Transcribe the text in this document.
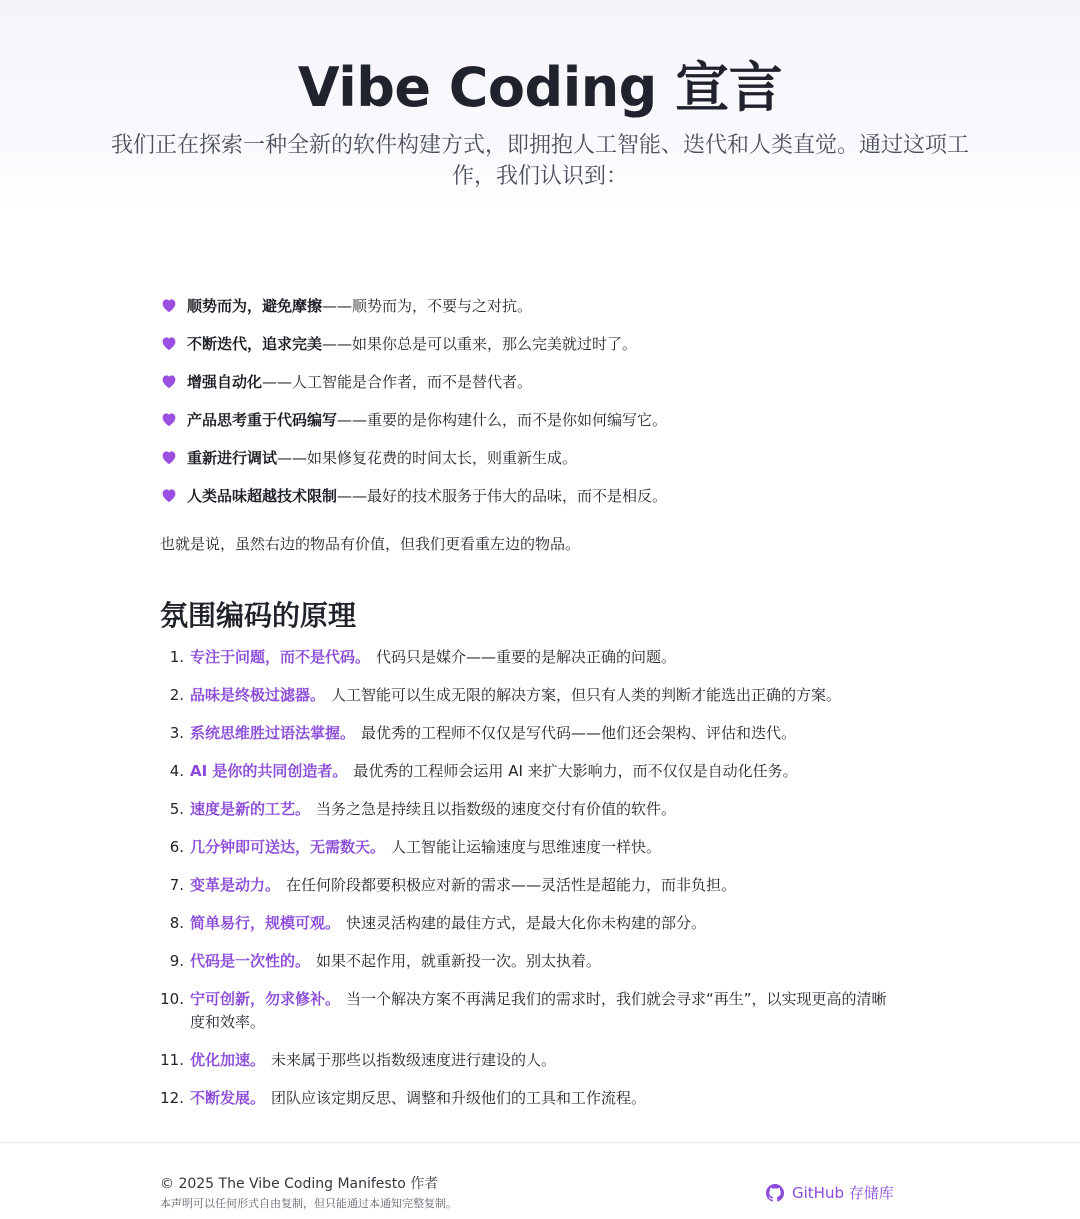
Vibe Coding 宣言

我们正在探索一种全新的软件构建方式，即拥抱人工智能、迭代和人类直觉。通过这项工作，我们认识到：

顺势而为，避免摩擦——顺势而为，不要与之对抗。
不断迭代，追求完美——如果你总是可以重来，那么完美就过时了。
增强自动化——人工智能是合作者，而不是替代者。
产品思考重于代码编写——重要的是你构建什么，而不是你如何编写它。
重新进行调试——如果修复花费的时间太长，则重新生成。
人类品味超越技术限制——最好的技术服务于伟大的品味，而不是相反。

也就是说，虽然右边的物品有价值，但我们更看重左边的物品。

氛围编码的原理
1. 专注于问题，而不是代码。 代码只是媒介——重要的是解决正确的问题。
2. 品味是终极过滤器。 人工智能可以生成无限的解决方案，但只有人类的判断才能选出正确的方案。
3. 系统思维胜过语法掌握。 最优秀的工程师不仅仅是写代码——他们还会架构、评估和迭代。
4. AI 是你的共同创造者。 最优秀的工程师会运用 AI 来扩大影响力，而不仅仅是自动化任务。
5. 速度是新的工艺。 当务之急是持续且以指数级的速度交付有价值的软件。
6. 几分钟即可送达，无需数天。 人工智能让运输速度与思维速度一样快。
7. 变革是动力。 在任何阶段都要积极应对新的需求——灵活性是超能力，而非负担。
8. 简单易行，规模可观。 快速灵活构建的最佳方式，是最大化你未构建的部分。
9. 代码是一次性的。 如果不起作用，就重新投一次。别太执着。
10. 宁可创新，勿求修补。 当一个解决方案不再满足我们的需求时，我们就会寻求“再生”，以实现更高的清晰度和效率。
11. 优化加速。 未来属于那些以指数级速度进行建设的人。
12. 不断发展。 团队应该定期反思、调整和升级他们的工具和工作流程。
© 2025 The Vibe Coding Manifesto 作者
本声明可以任何形式自由复制，但只能通过本通知完整复制。
GitHub 存储库
